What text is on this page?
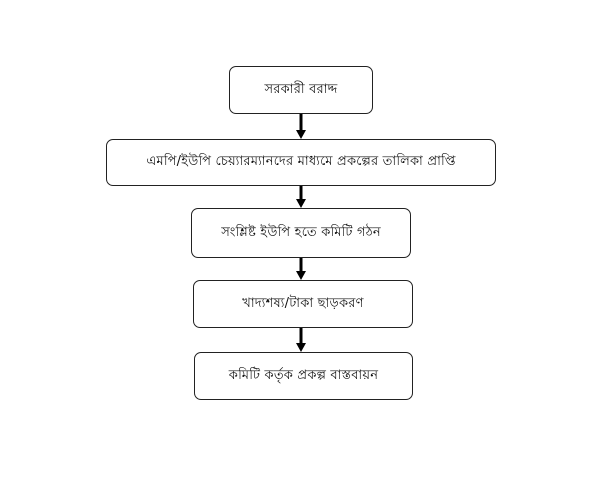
সরকারী বরাদ্দ
এমপি/ইউপি চেয়্যারম্যানদের মাধ্যমে প্রকল্পের তালিকা প্রাপ্তি
সংশ্লিষ্ট ইউপি হতে কমিটি গঠন
খাদ্যশষ্য/টাকা ছাড়করণ
কমিটি কর্তৃক প্রকল্প বাস্তবায়ন
